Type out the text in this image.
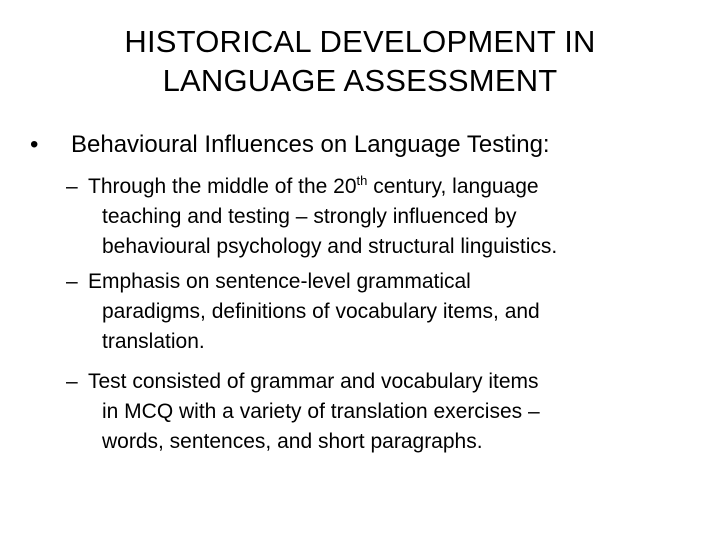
HISTORICAL DEVELOPMENT IN
LANGUAGE ASSESSMENT
• Behavioural Influences on Language Testing:
– Through the middle of the 20th century, language
teaching and testing – strongly influenced by
behavioural psychology and structural linguistics.
– Emphasis on sentence-level grammatical
paradigms, definitions of vocabulary items, and
translation.
– Test consisted of grammar and vocabulary items
in MCQ with a variety of translation exercises –
words, sentences, and short paragraphs.
